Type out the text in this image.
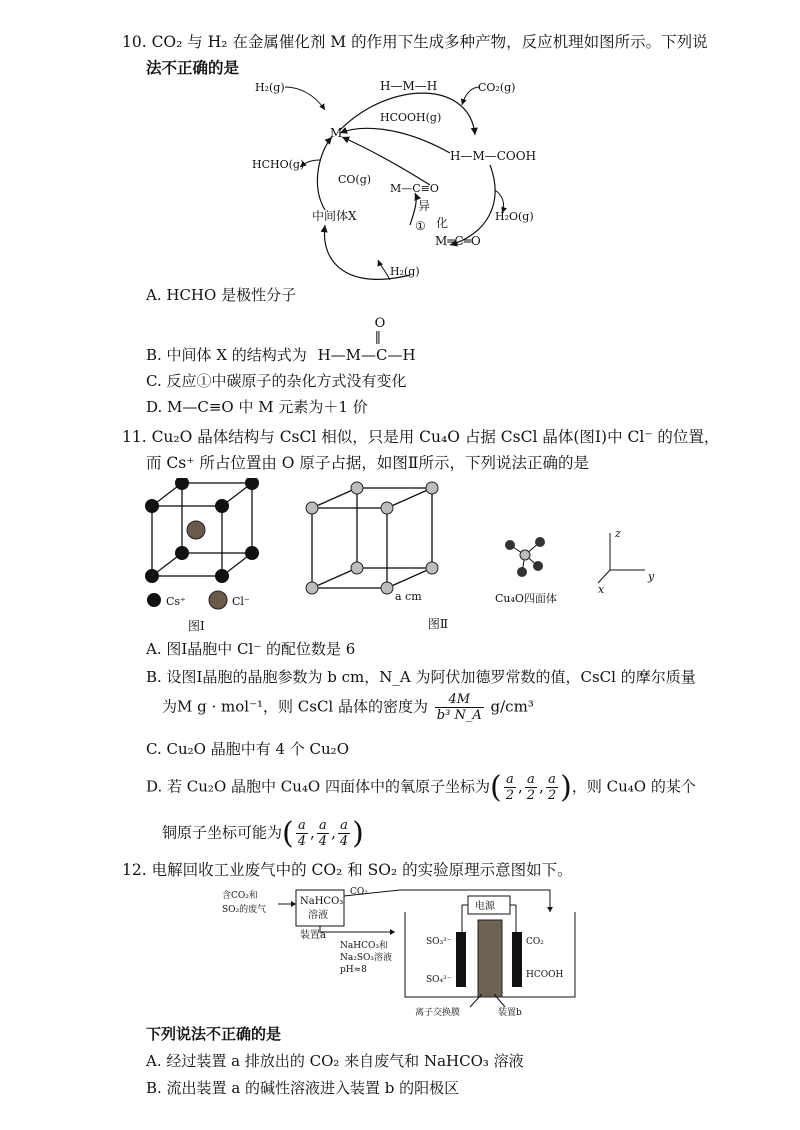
10. CO₂ 与 H₂ 在金属催化剂 M 的作用下生成多种产物，反应机理如图所示。下列说
法不正确的是
H₂(g)	H—M—H	CO₂(g)
M
HCOOH(g)
H—M—COOH
HCHO(g)
CO(g)
M—C≡O
异
化
①
中间体X	H₂O(g)
M═C═O
H₂(g)
A. HCHO 是极性分子
B. 中间体 X 的结构式为
O
‖
H—M—C—H
C. 反应①中碳原子的杂化方式没有变化
D. M—C≡O 中 M 元素为＋1 价
11. Cu₂O 晶体结构与 CsCl 相似，只是用 Cu₄O 占据 CsCl 晶体(图Ⅰ)中 Cl⁻ 的位置，
而 Cs⁺ 所占位置由 O 原子占据，如图Ⅱ所示，下列说法正确的是
Cs⁺	Cl⁻
图Ⅰ
a cm
图Ⅱ
Cu₄O四面体
z
y
x
A. 图Ⅰ晶胞中 Cl⁻ 的配位数是 6
B. 设图Ⅰ晶胞的晶胞参数为 b cm，N_A 为阿伏加德罗常数的值，CsCl 的摩尔质量
为M g · mol⁻¹，则 CsCl 晶体的密度为 $\frac{4M}{\text{b³ N\_A}} g/cm^3$
C. Cu₂O 晶胞中有 4 个 Cu₂O
D. 若 Cu₂O 晶胞中 Cu₄O 四面体中的氧原子坐标为( $\frac{a}{2}$ , $\frac{a}{2}$ , $\frac{a}{2}$ )，则 Cu₄O 的某个
铜原子坐标可能为( $\frac{a}{4}$ , $\frac{a}{4}$ , $\frac{a}{4}$ )
12. 电解回收工业废气中的 CO₂ 和 SO₂ 的实验原理示意图如下。
NaHCO₃
溶液
含CO₂和
SO₂的废气
CO₂
装置a
NaHCO₃和
Na₂SO₃溶液
pH≈8
电源
SO₃²⁻
SO₄²⁻
CO₂
HCOOH
离子交换膜	装置b
下列说法不正确的是
A. 经过装置 a 排放出的 CO₂ 来自废气和 NaHCO₃ 溶液
B. 流出装置 a 的碱性溶液进入装置 b 的阳极区
